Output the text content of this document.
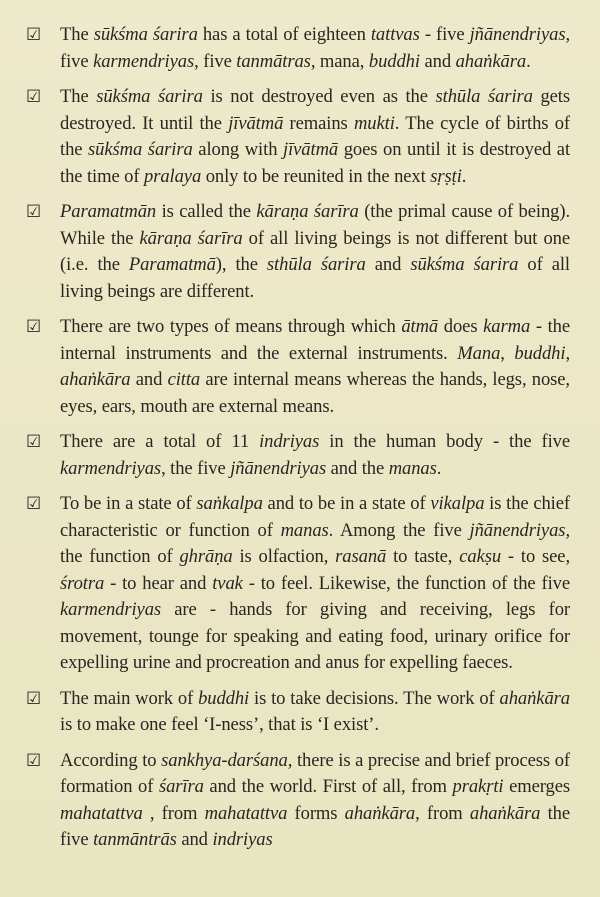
☑	The sūkśma śarira has a total of eighteen tattvas - five jñānendriyas, five karmendriyas, five tanmātras, mana, buddhi and ahaṅkāra.
☑	The sūkśma śarira is not destroyed even as the sthūla śarira gets destroyed. It until the jīvātmā remains mukti. The cycle of births of the sūkśma śarira along with jīvātmā goes on until it is destroyed at the time of pralaya only to be reunited in the next sṛṣṭi.
☑	Paramatmān is called the kāraṇa śarīra (the primal cause of being). While the kāraṇa śarīra of all living beings is not different but one (i.e. the Paramatmā), the sthūla śarira and sūkśma śarira of all living beings are different.
☑	There are two types of means through which ātmā does karma - the internal instruments and the external instruments. Mana, buddhi, ahaṅkāra and citta are internal means whereas the hands, legs, nose, eyes, ears, mouth are external means.
☑	There are a total of 11 indriyas in the human body - the five karmendriyas, the five jñānendriyas and the manas.
☑	To be in a state of saṅkalpa and to be in a state of vikalpa is the chief characteristic or function of manas. Among the five jñānendriyas, the function of ghrāṇa is olfaction, rasanā to taste, cakṣu - to see, śrotra - to hear and tvak - to feel. Likewise, the function of the five karmendriyas are - hands for giving and receiving, legs for movement, tounge for speaking and eating food, urinary orifice for expelling urine and procreation and anus for expelling faeces.
☑	The main work of buddhi is to take decisions. The work of ahaṅkāra is to make one feel ‘I-ness’, that is ‘I exist’.
☑	According to sankhya-darśana, there is a precise and brief process of formation of śarīra and the world. First of all, from prakṛti emerges mahatattva , from mahatattva forms ahaṅkāra, from ahaṅkāra the five tanmāntrās and indriyas
